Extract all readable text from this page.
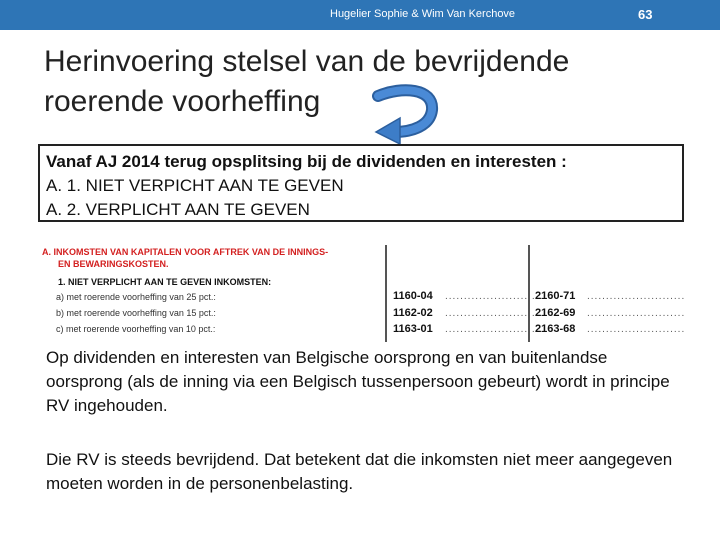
Hugelier Sophie & Wim Van Kerchove	63
Herinvoering stelsel van de bevrijdende
roerende voorheffing
Vanaf AJ 2014 terug opsplitsing bij de dividenden en interesten :
A. 1. NIET VERPICHT AAN TE GEVEN
A. 2. VERPLICHT AAN TE GEVEN
A. INKOMSTEN VAN KAPITALEN VOOR AFTREK VAN DE INNINGS-
EN BEWARINGSKOSTEN.
1. NIET VERPLICHT AAN TE GEVEN INKOMSTEN:
a) met roerende voorheffing van 25 pct.:
b) met roerende voorheffing van 15 pct.:
c) met roerende voorheffing van 10 pct.:
1160-04 ..........................
2160-71 ..........................
1162-02 ..........................
2162-69 ..........................
1163-01 ..........................
2163-68 ..........................
Op dividenden en interesten van Belgische oorsprong en van buitenlandse oorsprong (als de inning via een Belgisch tussenpersoon gebeurt) wordt in principe RV ingehouden.
Die RV is steeds bevrijdend. Dat betekent dat die inkomsten niet meer aangegeven moeten worden in de personenbelasting.
